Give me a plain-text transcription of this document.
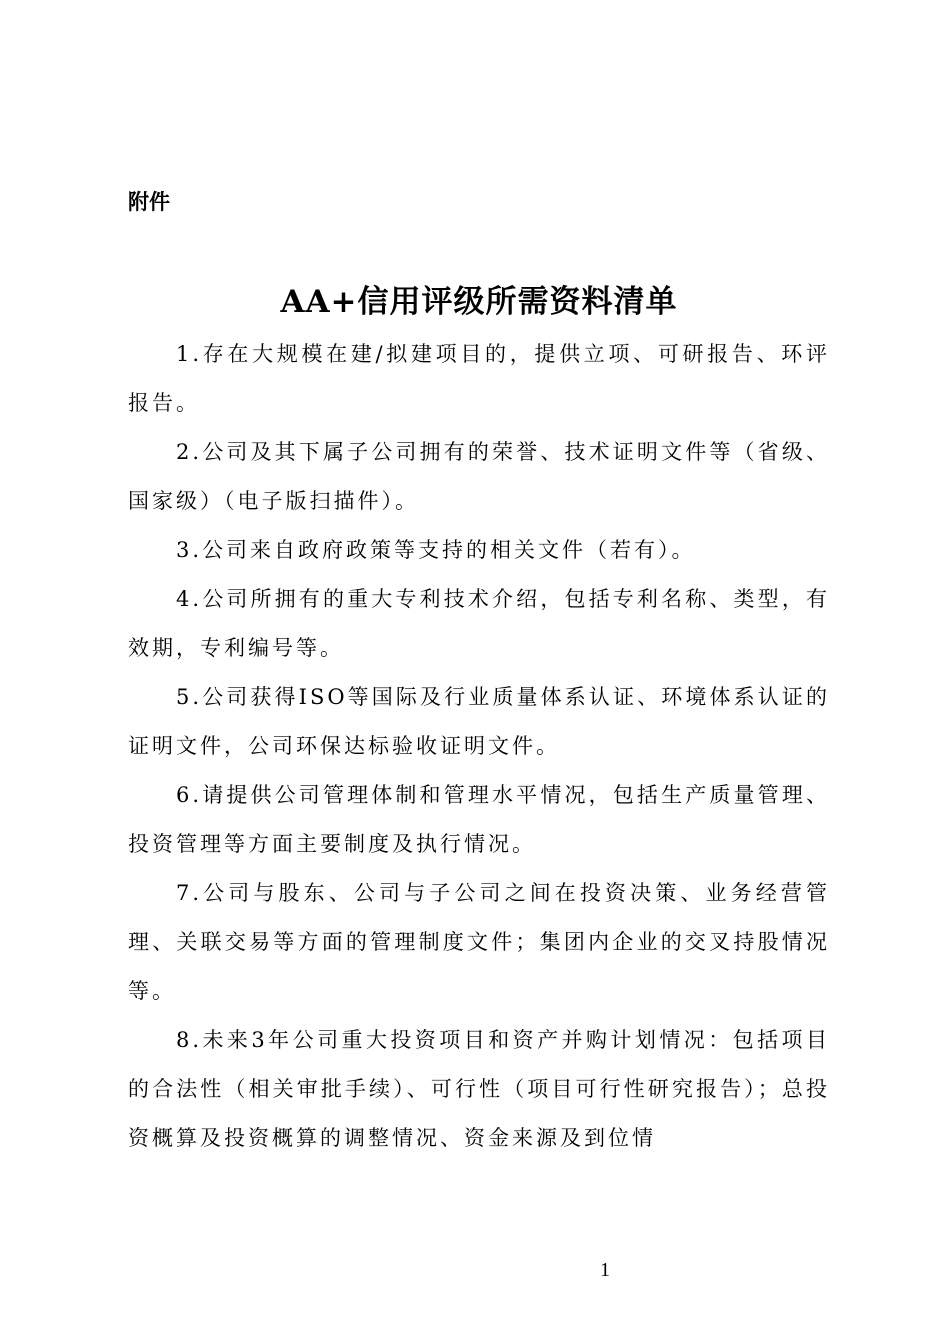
附件
AA+信用评级所需资料清单

1.存在大规模在建/拟建项目的，提供立项、可研报告、环评报告。

2.公司及其下属子公司拥有的荣誉、技术证明文件等（省级、国家级）（电子版扫描件）。

3.公司来自政府政策等支持的相关文件（若有）。

4.公司所拥有的重大专利技术介绍，包括专利名称、类型，有效期，专利编号等。

5.公司获得ISO等国际及行业质量体系认证、环境体系认证的证明文件，公司环保达标验收证明文件。

6.请提供公司管理体制和管理水平情况，包括生产质量管理、投资管理等方面主要制度及执行情况。

7.公司与股东、公司与子公司之间在投资决策、业务经营管理、关联交易等方面的管理制度文件；集团内企业的交叉持股情况等。

8.未来3年公司重大投资项目和资产并购计划情况：包括项目的合法性（相关审批手续）、可行性（项目可行性研究报告）；总投资概算及投资概算的调整情况、资金来源及到位情

1
